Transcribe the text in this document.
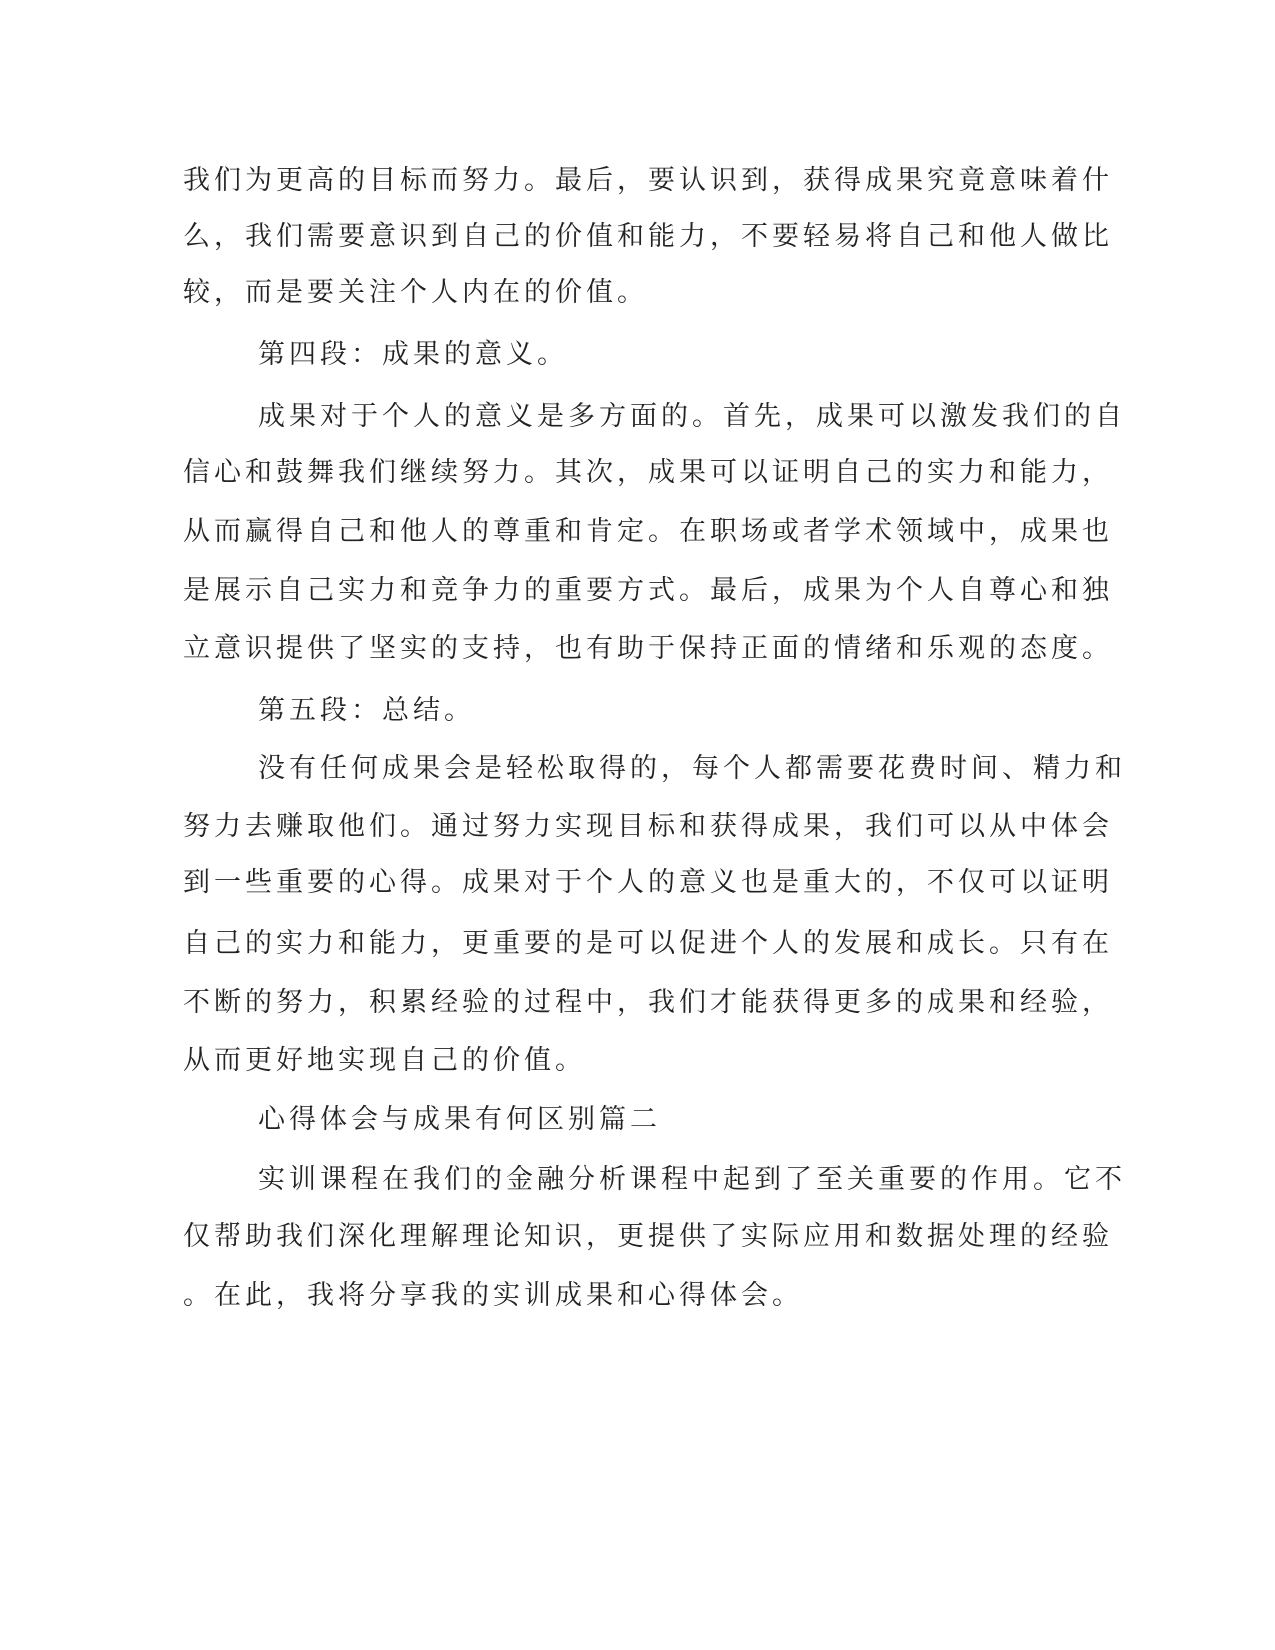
我们为更高的目标而努力。最后，要认识到，获得成果究竟意味着什
么，我们需要意识到自己的价值和能力，不要轻易将自己和他人做比
较，而是要关注个人内在的价值。
第四段：成果的意义。
成果对于个人的意义是多方面的。首先，成果可以激发我们的自
信心和鼓舞我们继续努力。其次，成果可以证明自己的实力和能力，
从而赢得自己和他人的尊重和肯定。在职场或者学术领域中，成果也
是展示自己实力和竞争力的重要方式。最后，成果为个人自尊心和独
立意识提供了坚实的支持，也有助于保持正面的情绪和乐观的态度。
第五段：总结。
没有任何成果会是轻松取得的，每个人都需要花费时间、精力和
努力去赚取他们。通过努力实现目标和获得成果，我们可以从中体会
到一些重要的心得。成果对于个人的意义也是重大的，不仅可以证明
自己的实力和能力，更重要的是可以促进个人的发展和成长。只有在
不断的努力，积累经验的过程中，我们才能获得更多的成果和经验，
从而更好地实现自己的价值。
心得体会与成果有何区别篇二
实训课程在我们的金融分析课程中起到了至关重要的作用。它不
仅帮助我们深化理解理论知识，更提供了实际应用和数据处理的经验
。在此，我将分享我的实训成果和心得体会。
